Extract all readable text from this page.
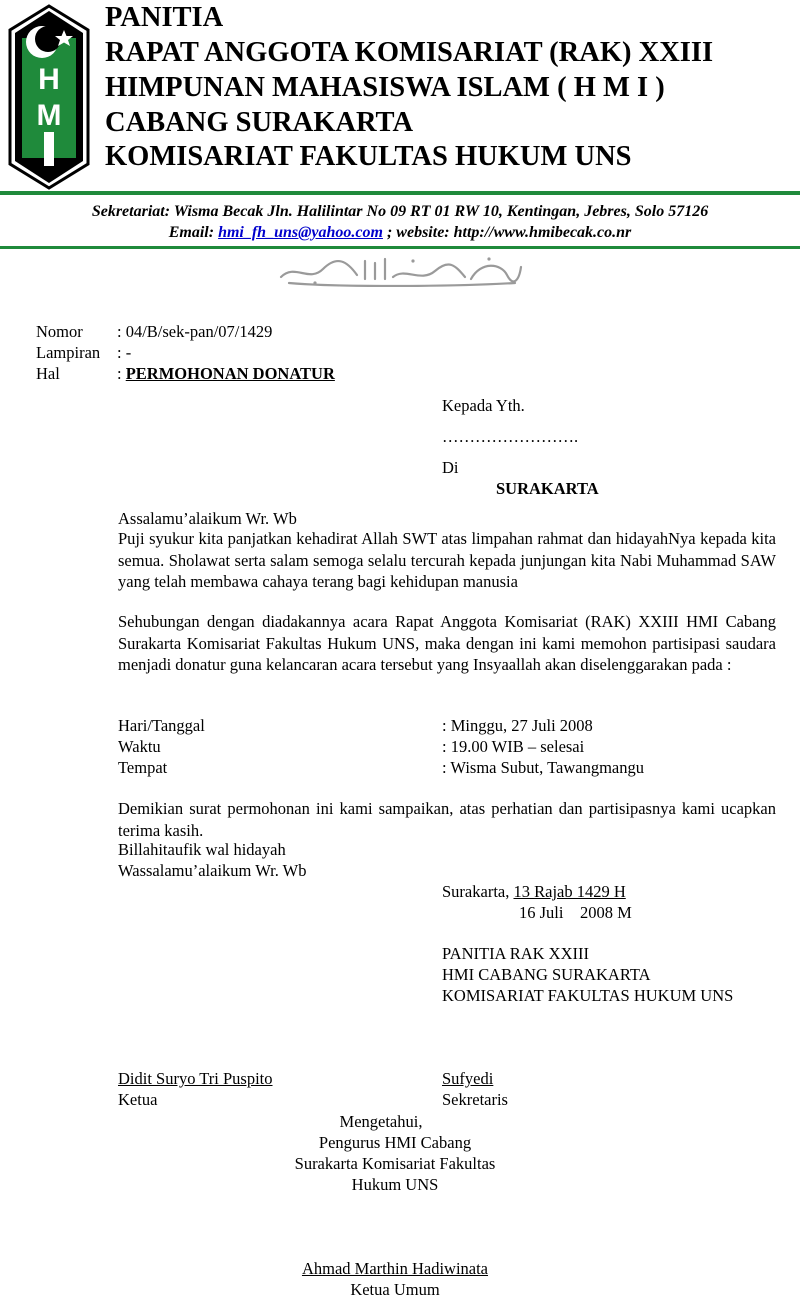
H
M
PANITIA
RAPAT ANGGOTA KOMISARIAT (RAK) XXIII
HIMPUNAN MAHASISWA ISLAM ( H M I )
CABANG SURAKARTA
KOMISARIAT FAKULTAS HUKUM UNS
Sekretariat: Wisma Becak Jln. Halilintar No 09 RT 01 RW 10, Kentingan, Jebres, Solo 57126
Email: hmi_fh_uns@yahoo.com ; website: http://www.hmibecak.co.nr
Nomor : 04/B/sek-pan/07/1429
Lampiran : -
Hal	: PERMOHONAN DONATUR
Kepada Yth.
…………………….
Di
SURAKARTA
Assalamu’alaikum Wr. Wb
Puji syukur kita panjatkan kehadirat Allah SWT atas limpahan rahmat dan hidayahNya kepada kita semua. Sholawat serta salam semoga selalu tercurah kepada junjungan kita Nabi Muhammad SAW yang telah membawa cahaya terang bagi kehidupan manusia
Sehubungan dengan diadakannya acara Rapat Anggota Komisariat (RAK) XXIII HMI Cabang Surakarta Komisariat Fakultas Hukum UNS, maka dengan ini kami memohon partisipasi saudara menjadi donatur guna kelancaran acara tersebut yang Insyaallah akan diselenggarakan pada :
Hari/Tanggal	: Minggu, 27 Juli 2008
Waktu	: 19.00 WIB – selesai
Tempat	: Wisma Subut, Tawangmangu
Demikian surat permohonan ini kami sampaikan, atas perhatian dan partisipasnya kami ucapkan terima kasih.
Billahitaufik wal hidayah
Wassalamu’alaikum Wr. Wb
Surakarta, 13 Rajab 1429 H
16 Juli    2008 M
PANITIA RAK XXIII
HMI CABANG SURAKARTA
KOMISARIAT FAKULTAS HUKUM UNS
Didit Suryo Tri Puspito
Ketua
Sufyedi
Sekretaris
Mengetahui,
Pengurus HMI Cabang
Surakarta Komisariat Fakultas
Hukum UNS
Ahmad Marthin Hadiwinata
Ketua Umum
